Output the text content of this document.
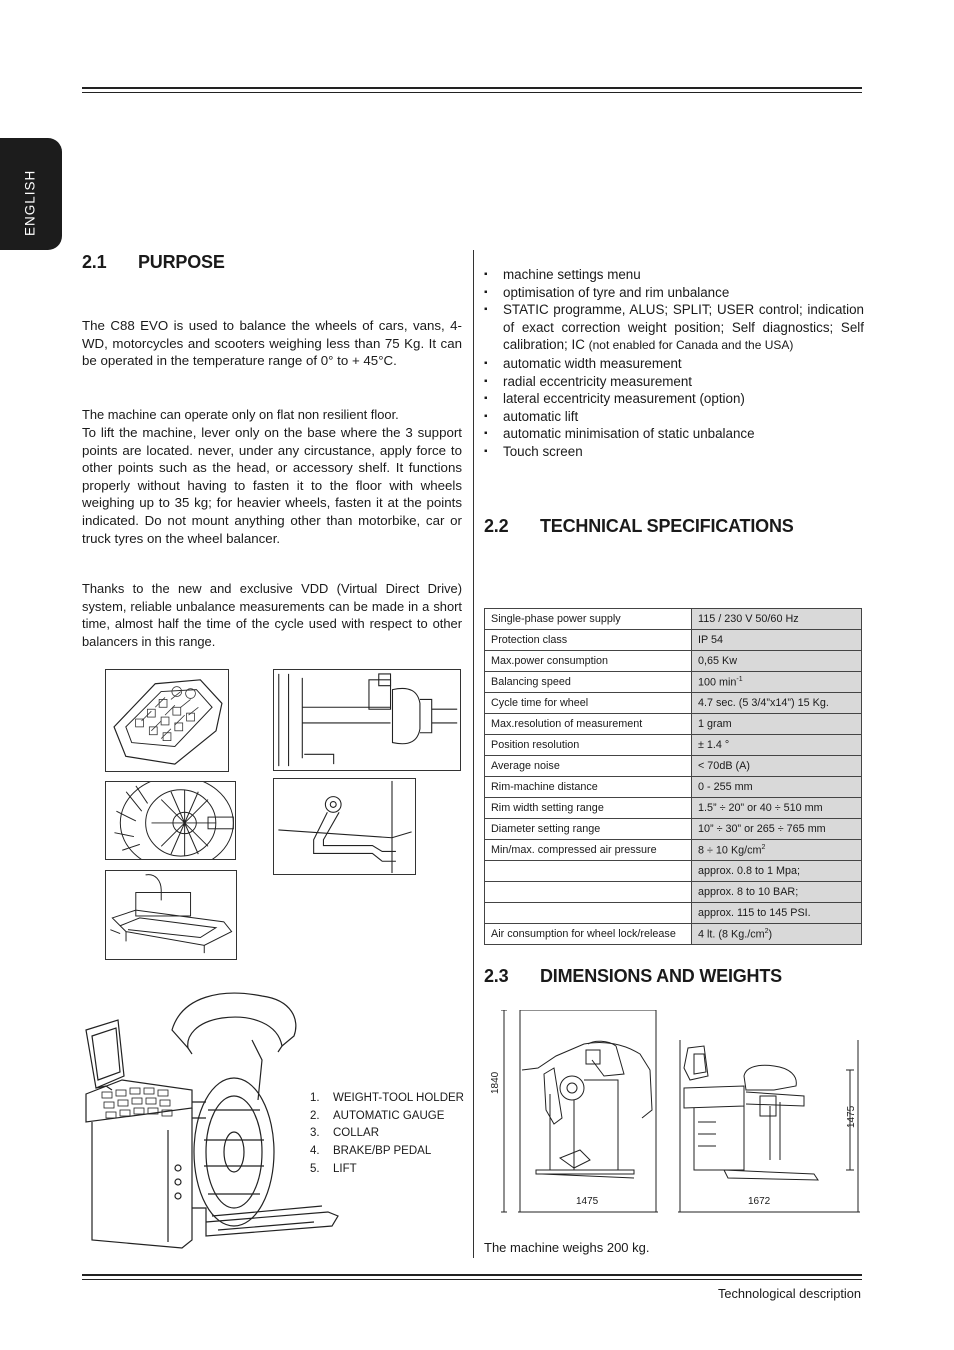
ENGLISH
2.1 PURPOSE

The C88 EVO is used to balance the wheels of cars, vans, 4-WD, motorcycles and scooters weighing less than 75 Kg. It can be operated in the temperature range of 0° to + 45°C.

The machine can operate only on flat non resilient floor.

To lift the machine, lever only on the base where the 3 support points are located. never, under any circustance, apply force to other points such as the head, or accessory shelf. It functions properly without having to fasten it to the floor with wheels weighing up to 35 kg; for heavier wheels, fasten it at the points indicated. Do not mount anything other than motorbike, car or truck tyres on the wheel balancer.

Thanks to the new and exclusive VDD (Virtual Direct Drive) system, reliable unbalance measurements can be made in a short time, almost half the time of the cycle used with respect to other balancers in this range.

1.	WEIGHT-TOOL HOLDER
2.	AUTOMATIC GAUGE
3.	COLLAR
4.	BRAKE/BP PEDAL
5.	LIFT
▪ machine settings menu
▪ optimisation of tyre and rim unbalance
▪ STATIC programme, ALUS; SPLIT; USER control; indication of exact correction weight position; Self diagnostics; Self calibration; IC (not enabled for Canada and the USA)
▪ automatic width measurement
▪ radial eccentricity measurement
▪ lateral eccentricity measurement (option)
▪ automatic lift
▪ automatic minimisation of static unbalance
▪ Touch screen
2.2 TECHNICAL SPECIFICATIONS
Single-phase power supply	115 / 230 V 50/60 Hz
Protection class	IP 54
Max.power consumption	0,65 Kw
Balancing speed	100 $\min^{-1}$
Cycle time for wheel	4.7 sec. (5 3/4”x14”) 15 Kg.
Max.resolution of measurement	1 gram
Position resolution	± 1.4 °
Average noise	< 70dB (A)
Rim-machine distance	0 - 255 mm
Rim width setting range	1.5” ÷ 20” or 40 ÷ 510 mm
Diameter setting range	10” ÷ 30” or 265 ÷ 765 mm
Min/max. compressed air pressure	8 ÷ 10 $Kg/cm^2$
	approx. 0.8 to 1 Mpa;
	approx. 8 to 10 BAR;
	approx. 115 to 145 PSI.
Air consumption for wheel lock/release	4 lt. (8 $Kg./cm^2$)
2.3 DIMENSIONS AND WEIGHTS
1840
1475	1672
1475
The machine weighs 200 kg.
Technological description
